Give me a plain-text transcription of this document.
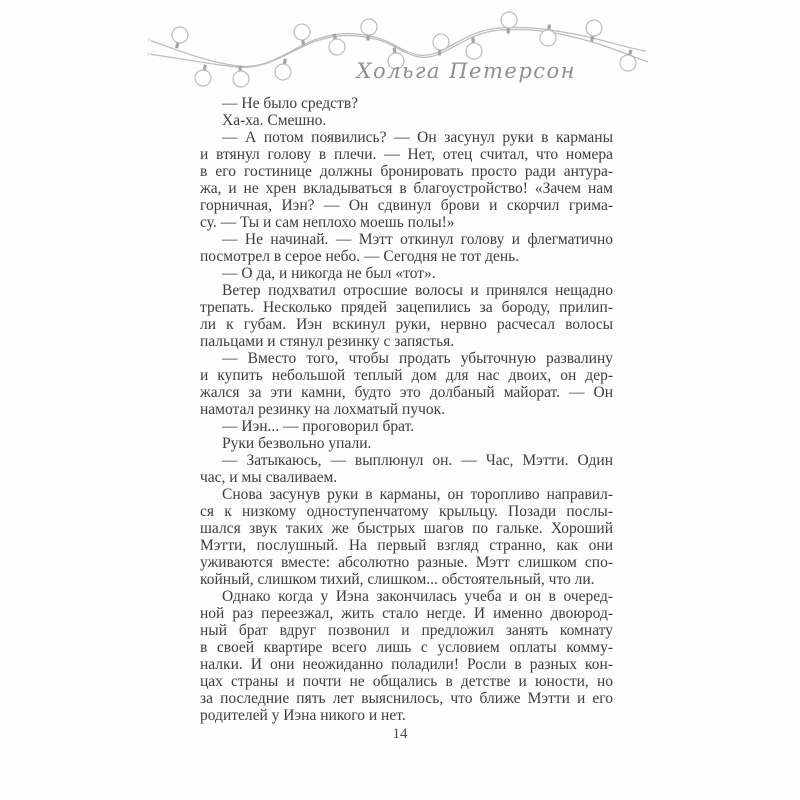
Хольга Петерсон
— Не было средств?
Ха-ха. Смешно.
— А потом появились? — Он засунул руки в карманы
и втянул голову в плечи. — Нет, отец считал, что номера
в его гостинице должны бронировать просто ради антура-
жа, и не хрен вкладываться в благоустройство! «Зачем нам
горничная, Иэн? — Он сдвинул брови и скорчил грима-
су. — Ты и сам неплохо моешь полы!»
— Не начинай. — Мэтт откинул голову и флегматично
посмотрел в серое небо. — Сегодня не тот день.
— О да, и никогда не был «тот».
Ветер подхватил отросшие волосы и принялся нещадно
трепать. Несколько прядей зацепились за бороду, прилип-
ли к губам. Иэн вскинул руки, нервно расчесал волосы
пальцами и стянул резинку с запястья.
— Вместо того, чтобы продать убыточную развалину
и купить небольшой теплый дом для нас двоих, он дер-
жался за эти камни, будто это долбаный майорат. — Он
намотал резинку на лохматый пучок.
— Иэн... — проговорил брат.
Руки безвольно упали.
— Затыкаюсь, — выплюнул он. — Час, Мэтти. Один
час, и мы сваливаем.
Снова засунув руки в карманы, он торопливо направил-
ся к низкому одноступенчатому крыльцу. Позади послы-
шался звук таких же быстрых шагов по гальке. Хороший
Мэтти, послушный. На первый взгляд странно, как они
уживаются вместе: абсолютно разные. Мэтт слишком спо-
койный, слишком тихий, слишком... обстоятельный, что ли.
Однако когда у Иэна закончилась учеба и он в очеред-
ной раз переезжал, жить стало негде. И именно двоюрод-
ный брат вдруг позвонил и предложил занять комнату
в своей квартире всего лишь с условием оплаты комму-
налки. И они неожиданно поладили! Росли в разных кон-
цах страны и почти не общались в детстве и юности, но
за последние пять лет выяснилось, что ближе Мэтти и его
родителей у Иэна никого и нет.
14
